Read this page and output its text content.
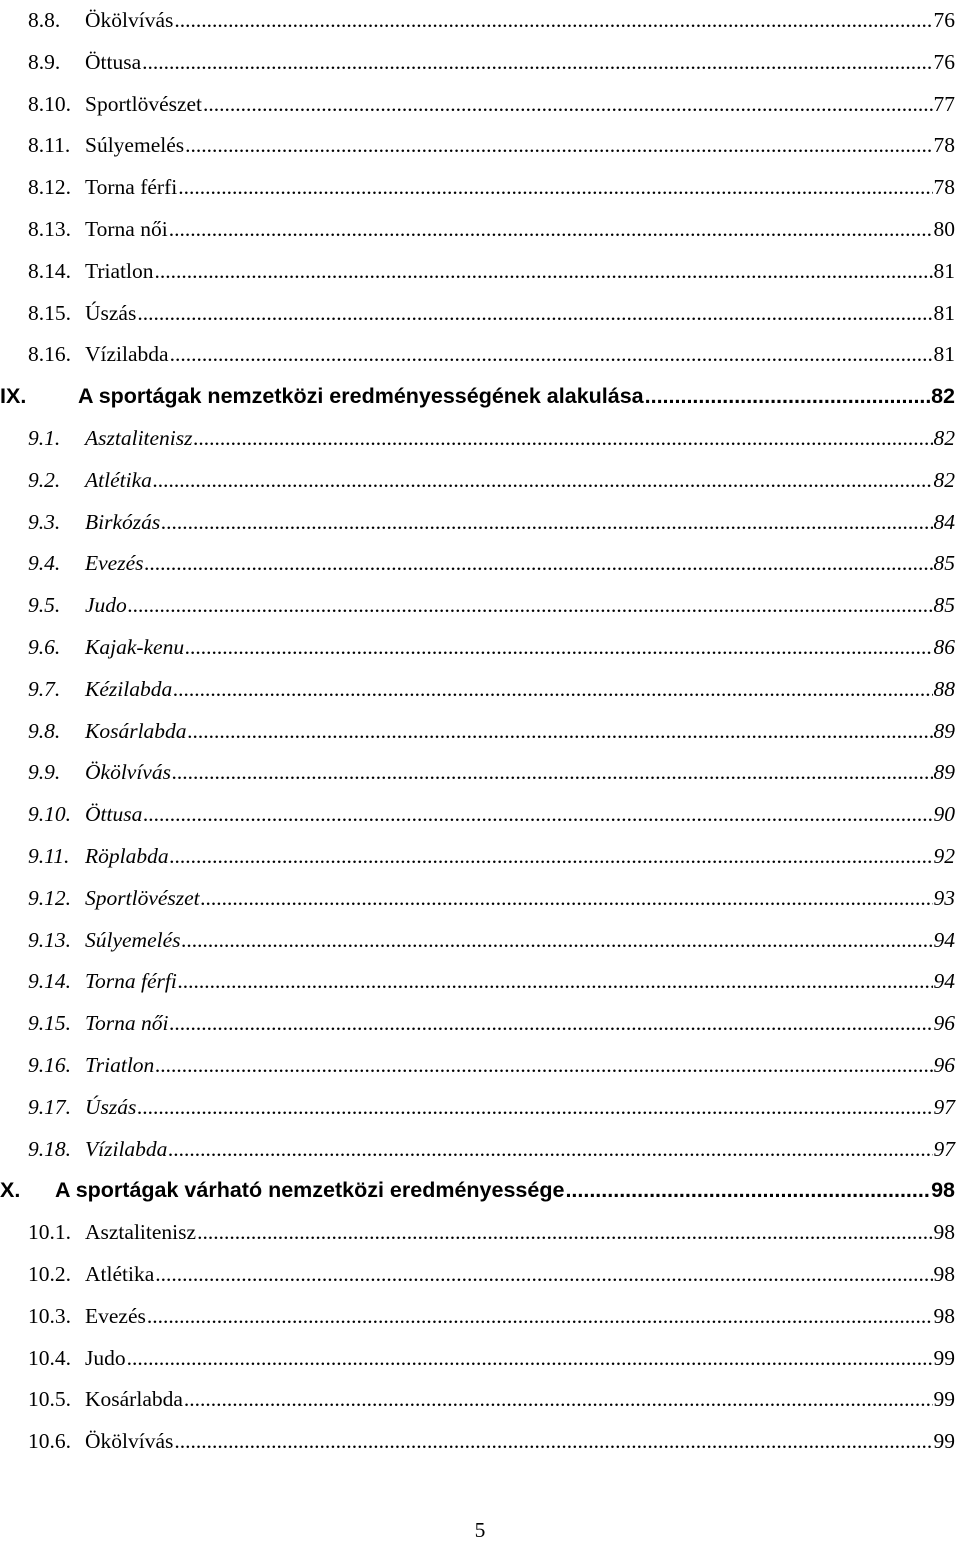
8.8. Ökölvívás .....	76
8.9. Öttusa .....	76
8.10. Sportlövészet .....	77
8.11. Súlyemelés .....	78
8.12. Torna férfi .....	78
8.13. Torna női .....	80
8.14. Triatlon .....	81
8.15. Úszás .....	81
8.16. Vízilabda .....	81
IX. A sportágak nemzetközi eredményességének alakulása .....	82
9.1. Asztalitenisz .....	82
9.2. Atlétika .....	82
9.3. Birkózás .....	84
9.4. Evezés .....	85
9.5. Judo .....	85
9.6. Kajak-kenu .....	86
9.7. Kézilabda .....	88
9.8. Kosárlabda .....	89
9.9. Ökölvívás .....	89
9.10. Öttusa .....	90
9.11. Röplabda .....	92
9.12. Sportlövészet .....	93
9.13. Súlyemelés .....	94
9.14. Torna férfi .....	94
9.15. Torna női .....	96
9.16. Triatlon .....	96
9.17. Úszás .....	97
9.18. Vízilabda .....	97
X. A sportágak várható nemzetközi eredményessége .....	98
10.1. Asztalitenisz .....	98
10.2. Atlétika .....	98
10.3. Evezés .....	98
10.4. Judo .....	99
10.5. Kosárlabda .....	99
10.6. Ökölvívás .....	99
5
